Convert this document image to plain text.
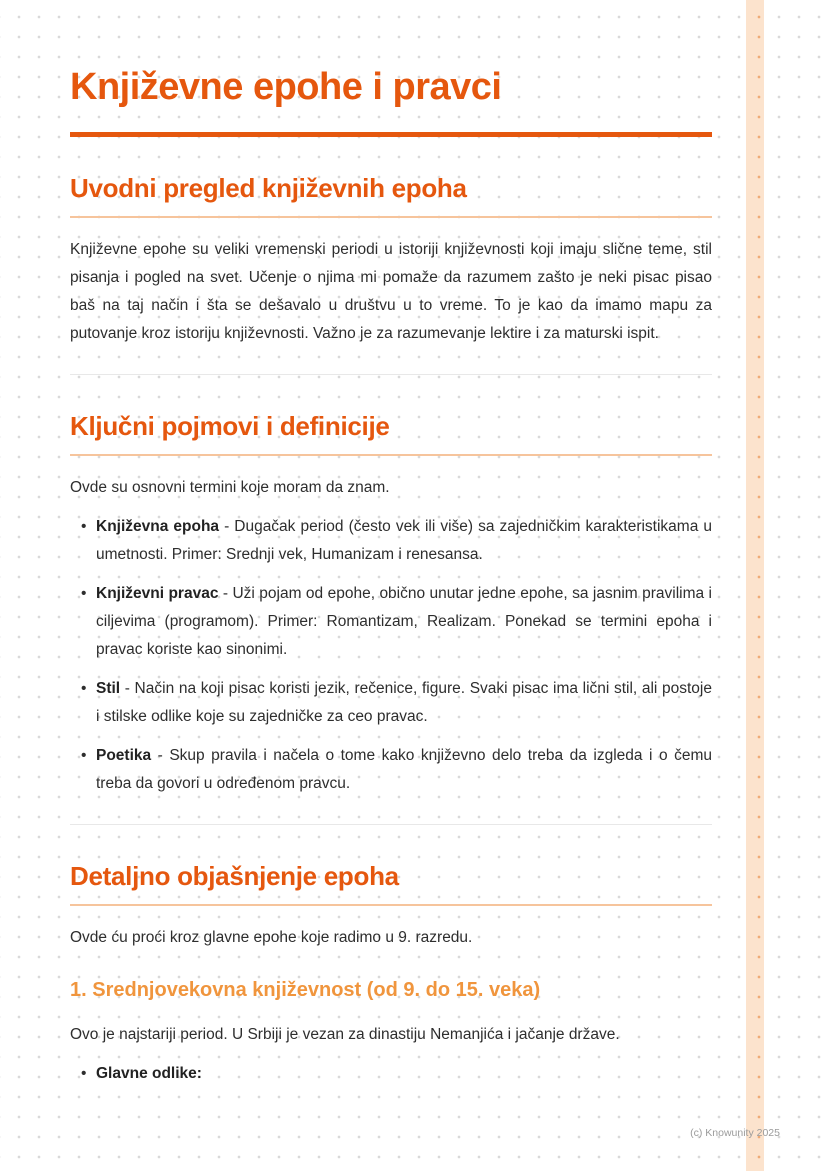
Književne epohe i pravci
Uvodni pregled književnih epoha

Književne epohe su veliki vremenski periodi u istoriji književnosti koji imaju slične teme, stil pisanja i pogled na svet. Učenje o njima mi pomaže da razumem zašto je neki pisac pisao baš na taj način i šta se dešavalo u društvu u to vreme. To je kao da imamo mapu za putovanje kroz istoriju književnosti. Važno je za razumevanje lektire i za maturski ispit.

Ključni pojmovi i definicije

Ovde su osnovni termini koje moram da znam.

• Književna epoha - Dugačak period (često vek ili više) sa zajedničkim karakteristikama u umetnosti. Primer: Srednji vek, Humanizam i renesansa.
• Književni pravac - Uži pojam od epohe, obično unutar jedne epohe, sa jasnim pravilima i ciljevima (programom). Primer: Romantizam, Realizam. Ponekad se termini epoha i pravac koriste kao sinonimi.
• Stil - Način na koji pisac koristi jezik, rečenice, figure. Svaki pisac ima lični stil, ali postoje i stilske odlike koje su zajedničke za ceo pravac.
• Poetika - Skup pravila i načela o tome kako književno delo treba da izgleda i o čemu treba da govori u određenom pravcu.
Detaljno objašnjenje epoha

Ovde ću proći kroz glavne epohe koje radimo u 9. razredu.

1. Srednjovekovna književnost (od 9. do 15. veka)

Ovo je najstariji period. U Srbiji je vezan za dinastiju Nemanjića i jačanje države.

• Glavne odlike:
(c) Knowunity 2025
